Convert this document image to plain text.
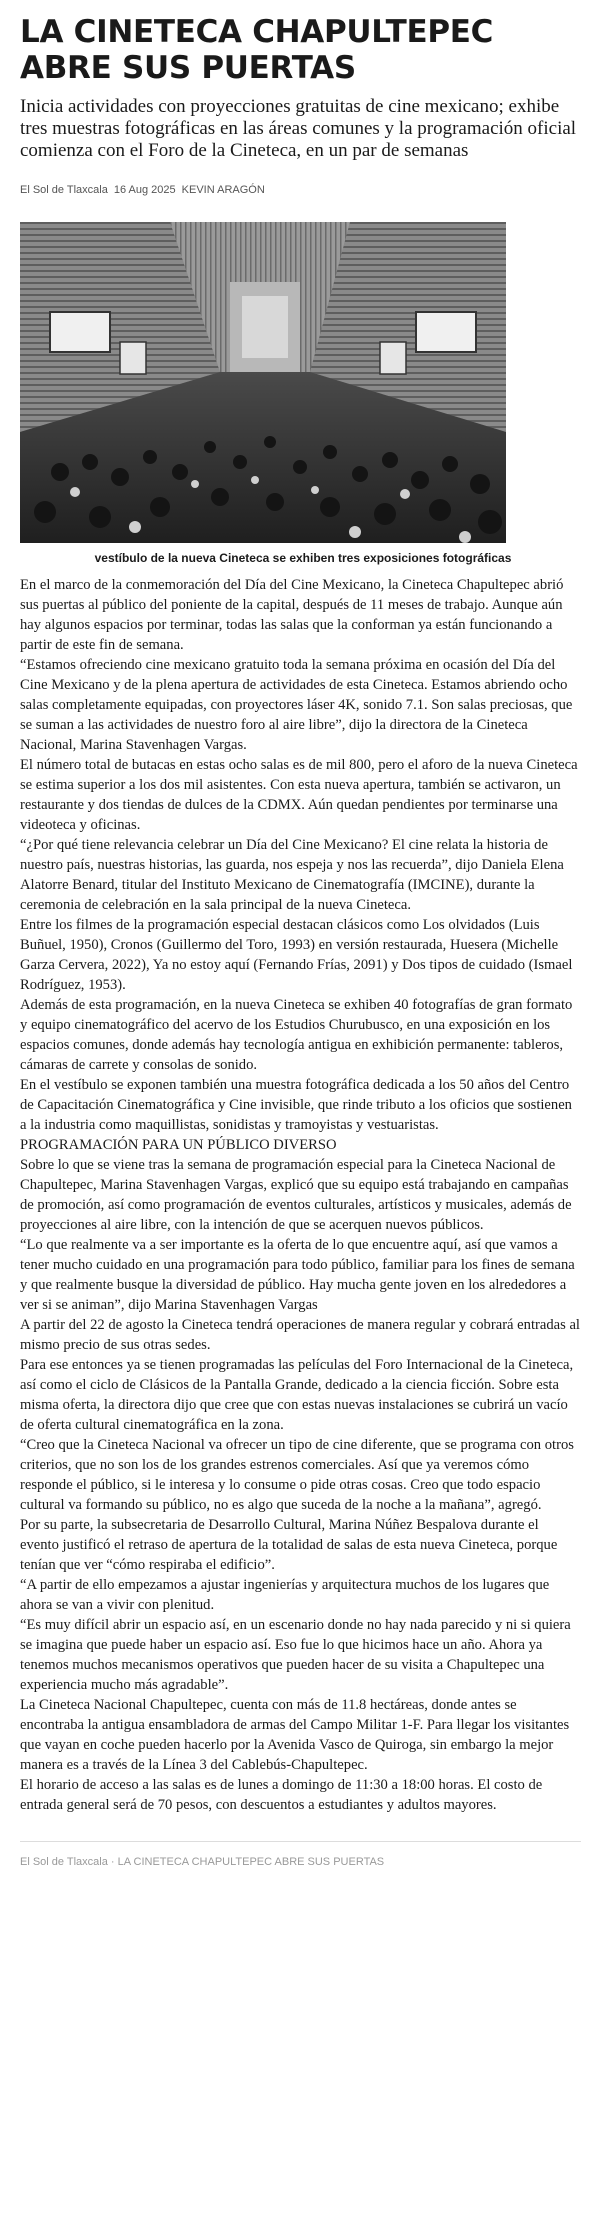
LA CINETECA CHAPULTEPEC ABRE SUS PUERTAS
Inicia actividades con proyecciones gratuitas de cine mexicano; exhibe tres muestras fotográficas en las áreas comunes y la programación oficial comienza con el Foro de la Cineteca, en un par de semanas
El Sol de Tlaxcala 16 Aug 2025 KEVIN ARAGÓN
vestíbulo de la nueva Cineteca se exhiben tres exposiciones fotográficas

En el marco de la conmemoración del Día del Cine Mexicano, la Cineteca Chapultepec abrió sus puertas al público del poniente de la capital, después de 11 meses de trabajo. Aunque aún hay algunos espacios por terminar, todas las salas que la conforman ya están funcionando a partir de este fin de semana.

“Estamos ofreciendo cine mexicano gratuito toda la semana próxima en ocasión del Día del Cine Mexicano y de la plena apertura de actividades de esta Cineteca. Estamos abriendo ocho salas completamente equipadas, con proyectores láser 4K, sonido 7.1. Son salas preciosas, que se suman a las actividades de nuestro foro al aire libre”, dijo la directora de la Cineteca Nacional, Marina Stavenhagen Vargas.

El número total de butacas en estas ocho salas es de mil 800, pero el aforo de la nueva Cineteca se estima superior a los dos mil asistentes. Con esta nueva apertura, también se activaron, un restaurante y dos tiendas de dulces de la CDMX. Aún quedan pendientes por terminarse una videoteca y oficinas.

“¿Por qué tiene relevancia celebrar un Día del Cine Mexicano? El cine relata la historia de nuestro país, nuestras historias, las guarda, nos espeja y nos las recuerda”, dijo Daniela Elena Alatorre Benard, titular del Instituto Mexicano de Cinematografía (IMCINE), durante la ceremonia de celebración en la sala principal de la nueva Cineteca.

Entre los filmes de la programación especial destacan clásicos como Los olvidados (Luis Buñuel, 1950), Cronos (Guillermo del Toro, 1993) en versión restaurada, Huesera (Michelle Garza Cervera, 2022), Ya no estoy aquí (Fernando Frías, 2091) y Dos tipos de cuidado (Ismael Rodríguez, 1953).

Además de esta programación, en la nueva Cineteca se exhiben 40 fotografías de gran formato y equipo cinematográfico del acervo de los Estudios Churubusco, en una exposición en los espacios comunes, donde además hay tecnología antigua en exhibición permanente: tableros, cámaras de carrete y consolas de sonido.

En el vestíbulo se exponen también una muestra fotográfica dedicada a los 50 años del Centro de Capacitación Cinematográfica y Cine invisible, que rinde tributo a los oficios que sostienen a la industria como maquillistas, sonidistas y tramoyistas y vestuaristas.

PROGRAMACIÓN PARA UN PÚBLICO DIVERSO

Sobre lo que se viene tras la semana de programación especial para la Cineteca Nacional de Chapultepec, Marina Stavenhagen Vargas, explicó que su equipo está trabajando en campañas de promoción, así como programación de eventos culturales, artísticos y musicales, además de proyecciones al aire libre, con la intención de que se acerquen nuevos públicos.

“Lo que realmente va a ser importante es la oferta de lo que encuentre aquí, así que vamos a tener mucho cuidado en una programación para todo público, familiar para los fines de semana y que realmente busque la diversidad de público. Hay mucha gente joven en los alrededores a ver si se animan”, dijo Marina Stavenhagen Vargas

A partir del 22 de agosto la Cineteca tendrá operaciones de manera regular y cobrará entradas al mismo precio de sus otras sedes.

Para ese entonces ya se tienen programadas las películas del Foro Internacional de la Cineteca, así como el ciclo de Clásicos de la Pantalla Grande, dedicado a la ciencia ficción. Sobre esta misma oferta, la directora dijo que cree que con estas nuevas instalaciones se cubrirá un vacío de oferta cultural cinematográfica en la zona.

“Creo que la Cineteca Nacional va ofrecer un tipo de cine diferente, que se programa con otros criterios, que no son los de los grandes estrenos comerciales. Así que ya veremos cómo responde el público, si le interesa y lo consume o pide otras cosas. Creo que todo espacio cultural va formando su público, no es algo que suceda de la noche a la mañana”, agregó.

Por su parte, la subsecretaria de Desarrollo Cultural, Marina Núñez Bespalova durante el evento justificó el retraso de apertura de la totalidad de salas de esta nueva Cineteca, porque tenían que ver “cómo respiraba el edificio”.

“A partir de ello empezamos a ajustar ingenierías y arquitectura muchos de los lugares que ahora se van a vivir con plenitud.

“Es muy difícil abrir un espacio así, en un escenario donde no hay nada parecido y ni si quiera se imagina que puede haber un espacio así. Eso fue lo que hicimos hace un año. Ahora ya tenemos muchos mecanismos operativos que pueden hacer de su visita a Chapultepec una experiencia mucho más agradable”.

La Cineteca Nacional Chapultepec, cuenta con más de 11.8 hectáreas, donde antes se encontraba la antigua ensambladora de armas del Campo Militar 1-F. Para llegar los visitantes que vayan en coche pueden hacerlo por la Avenida Vasco de Quiroga, sin embargo la mejor manera es a través de la Línea 3 del Cablebús-Chapultepec.

El horario de acceso a las salas es de lunes a domingo de 11:30 a 18:00 horas. El costo de entrada general será de 70 pesos, con descuentos a estudiantes y adultos mayores.

El Sol de Tlaxcala · LA CINETECA CHAPULTEPEC ABRE SUS PUERTAS
